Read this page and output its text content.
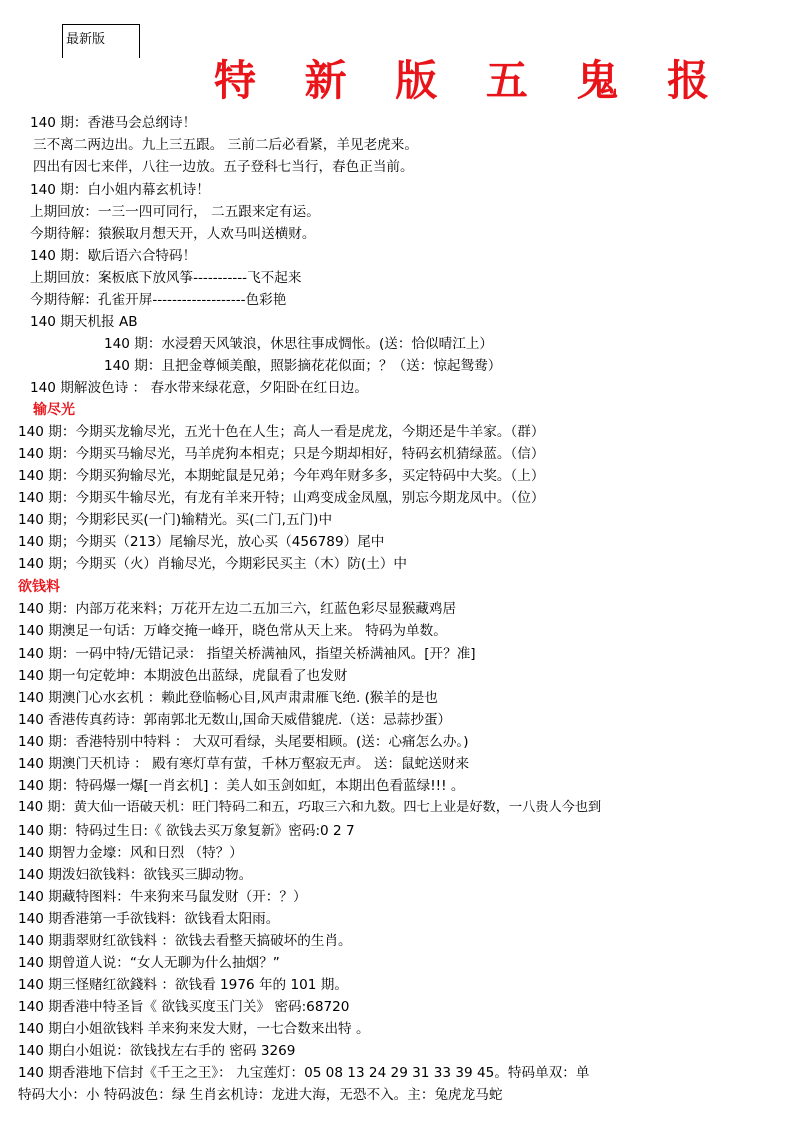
最新版
特 新 版 五 鬼 报
140 期：香港马会总纲诗！
三不离二两边出。九上三五跟。 三前二后必看紧，羊见老虎来。
四出有因七来伴，八往一边放。五子登科七当行，春色正当前。
140 期：白小姐内幕玄机诗！
上期回放：一三一四可同行， 二五跟来定有运。
今期待解：猿猴取月想天开，人欢马叫送横财。
140 期：歇后语六合特码！
上期回放：案板底下放风筝-----------飞不起来
今期待解：孔雀开屏-------------------色彩艳
140 期天机报 AB
140 期：水浸碧天风皱浪，休思往事成惆怅。(送：恰似晴江上）
140 期：且把金尊倾美酿，照影摘花花似面；？（送：惊起鸳鸯）
140 期解波色诗 ： 春水带来绿花意，夕阳卧在红日边。
输尽光
140 期：今期买龙输尽光，五光十色在人生；高人一看是虎龙，今期还是牛羊家。（群）
140 期：今期买马输尽光，马羊虎狗本相克；只是今期却相好，特码玄机猜绿蓝。（信）
140 期：今期买狗输尽光，本期蛇鼠是兄弟；今年鸡年财多多，买定特码中大奖。（上）
140 期：今期买牛输尽光，有龙有羊来开特；山鸡变成金凤凰，别忘今期龙凤中。（位）
140 期；今期彩民买(一门)输精光。买(二门,五门)中
140 期；今期买（213）尾输尽光，放心买（456789）尾中
140 期；今期买（火）肖输尽光，今期彩民买主（木）防(土）中
欲钱料
140 期：内部万花来料；万花开左边二五加三六，红蓝色彩尽显猴藏鸡居
140 期澳足一句话：万峰交掩一峰开，晓色常从天上来。 特码为单数。
140 期：一码中特/无错记录： 指望关桥满袖风，指望关桥满袖风。[开？准]
140 期一句定乾坤：本期波色出蓝绿，虎鼠看了也发财
140 期澳门心水玄机 ：赖此登临畅心目,风声肃肃雁飞绝. (猴羊的是也
140 香港传真药诗：郭南郭北无数山,国命天威借貔虎.（送：忌蒜抄蛋）
140 期：香港特别中特料 ： 大双可看绿，头尾要相顾。(送：心痛怎么办。)
140 期澳门天机诗 ： 殿有寒灯草有萤，千林万壑寂无声。 送：鼠蛇送财来
140 期：特码爆一爆[一肖玄机] ：美人如玉剑如虹，本期出色看蓝绿!!! 。
140 期：黄大仙一语破天机：旺门特码二和五，巧取三六和九数。四七上业是好数，一八贵人今也到
140 期：特码过生日:《 欲钱去买万象复新》密码:0 2 7
140 期智力金壕：风和日烈 （特？）
140 期泼妇欲钱料：欲钱买三脚动物。
140 期藏特图料：牛来狗来马鼠发财（开：？）
140 期香港第一手欲钱料：欲钱看太阳雨。
140 期翡翠财红欲钱料 ：欲钱去看整天搞破坏的生肖。
140 期曾道人说：“女人无聊为什么抽烟？”
140 期三怪赌红欲錢料 ：欲钱看 1976 年的 101 期。
140 期香港中特圣旨《 欲钱买度玉门关》 密码:68720
140 期白小姐欲钱料 羊来狗来发大财，一七合数来出特 。
140 期白小姐说：欲钱找左右手的 密码 3269
140 期香港地下信封《千王之王》： 九宝莲灯：05 08 13 24 29 31 33 39 45。特码单双：单
特码大小：小 特码波色：绿 生肖玄机诗：龙进大海，无恐不入。主：兔虎龙马蛇
